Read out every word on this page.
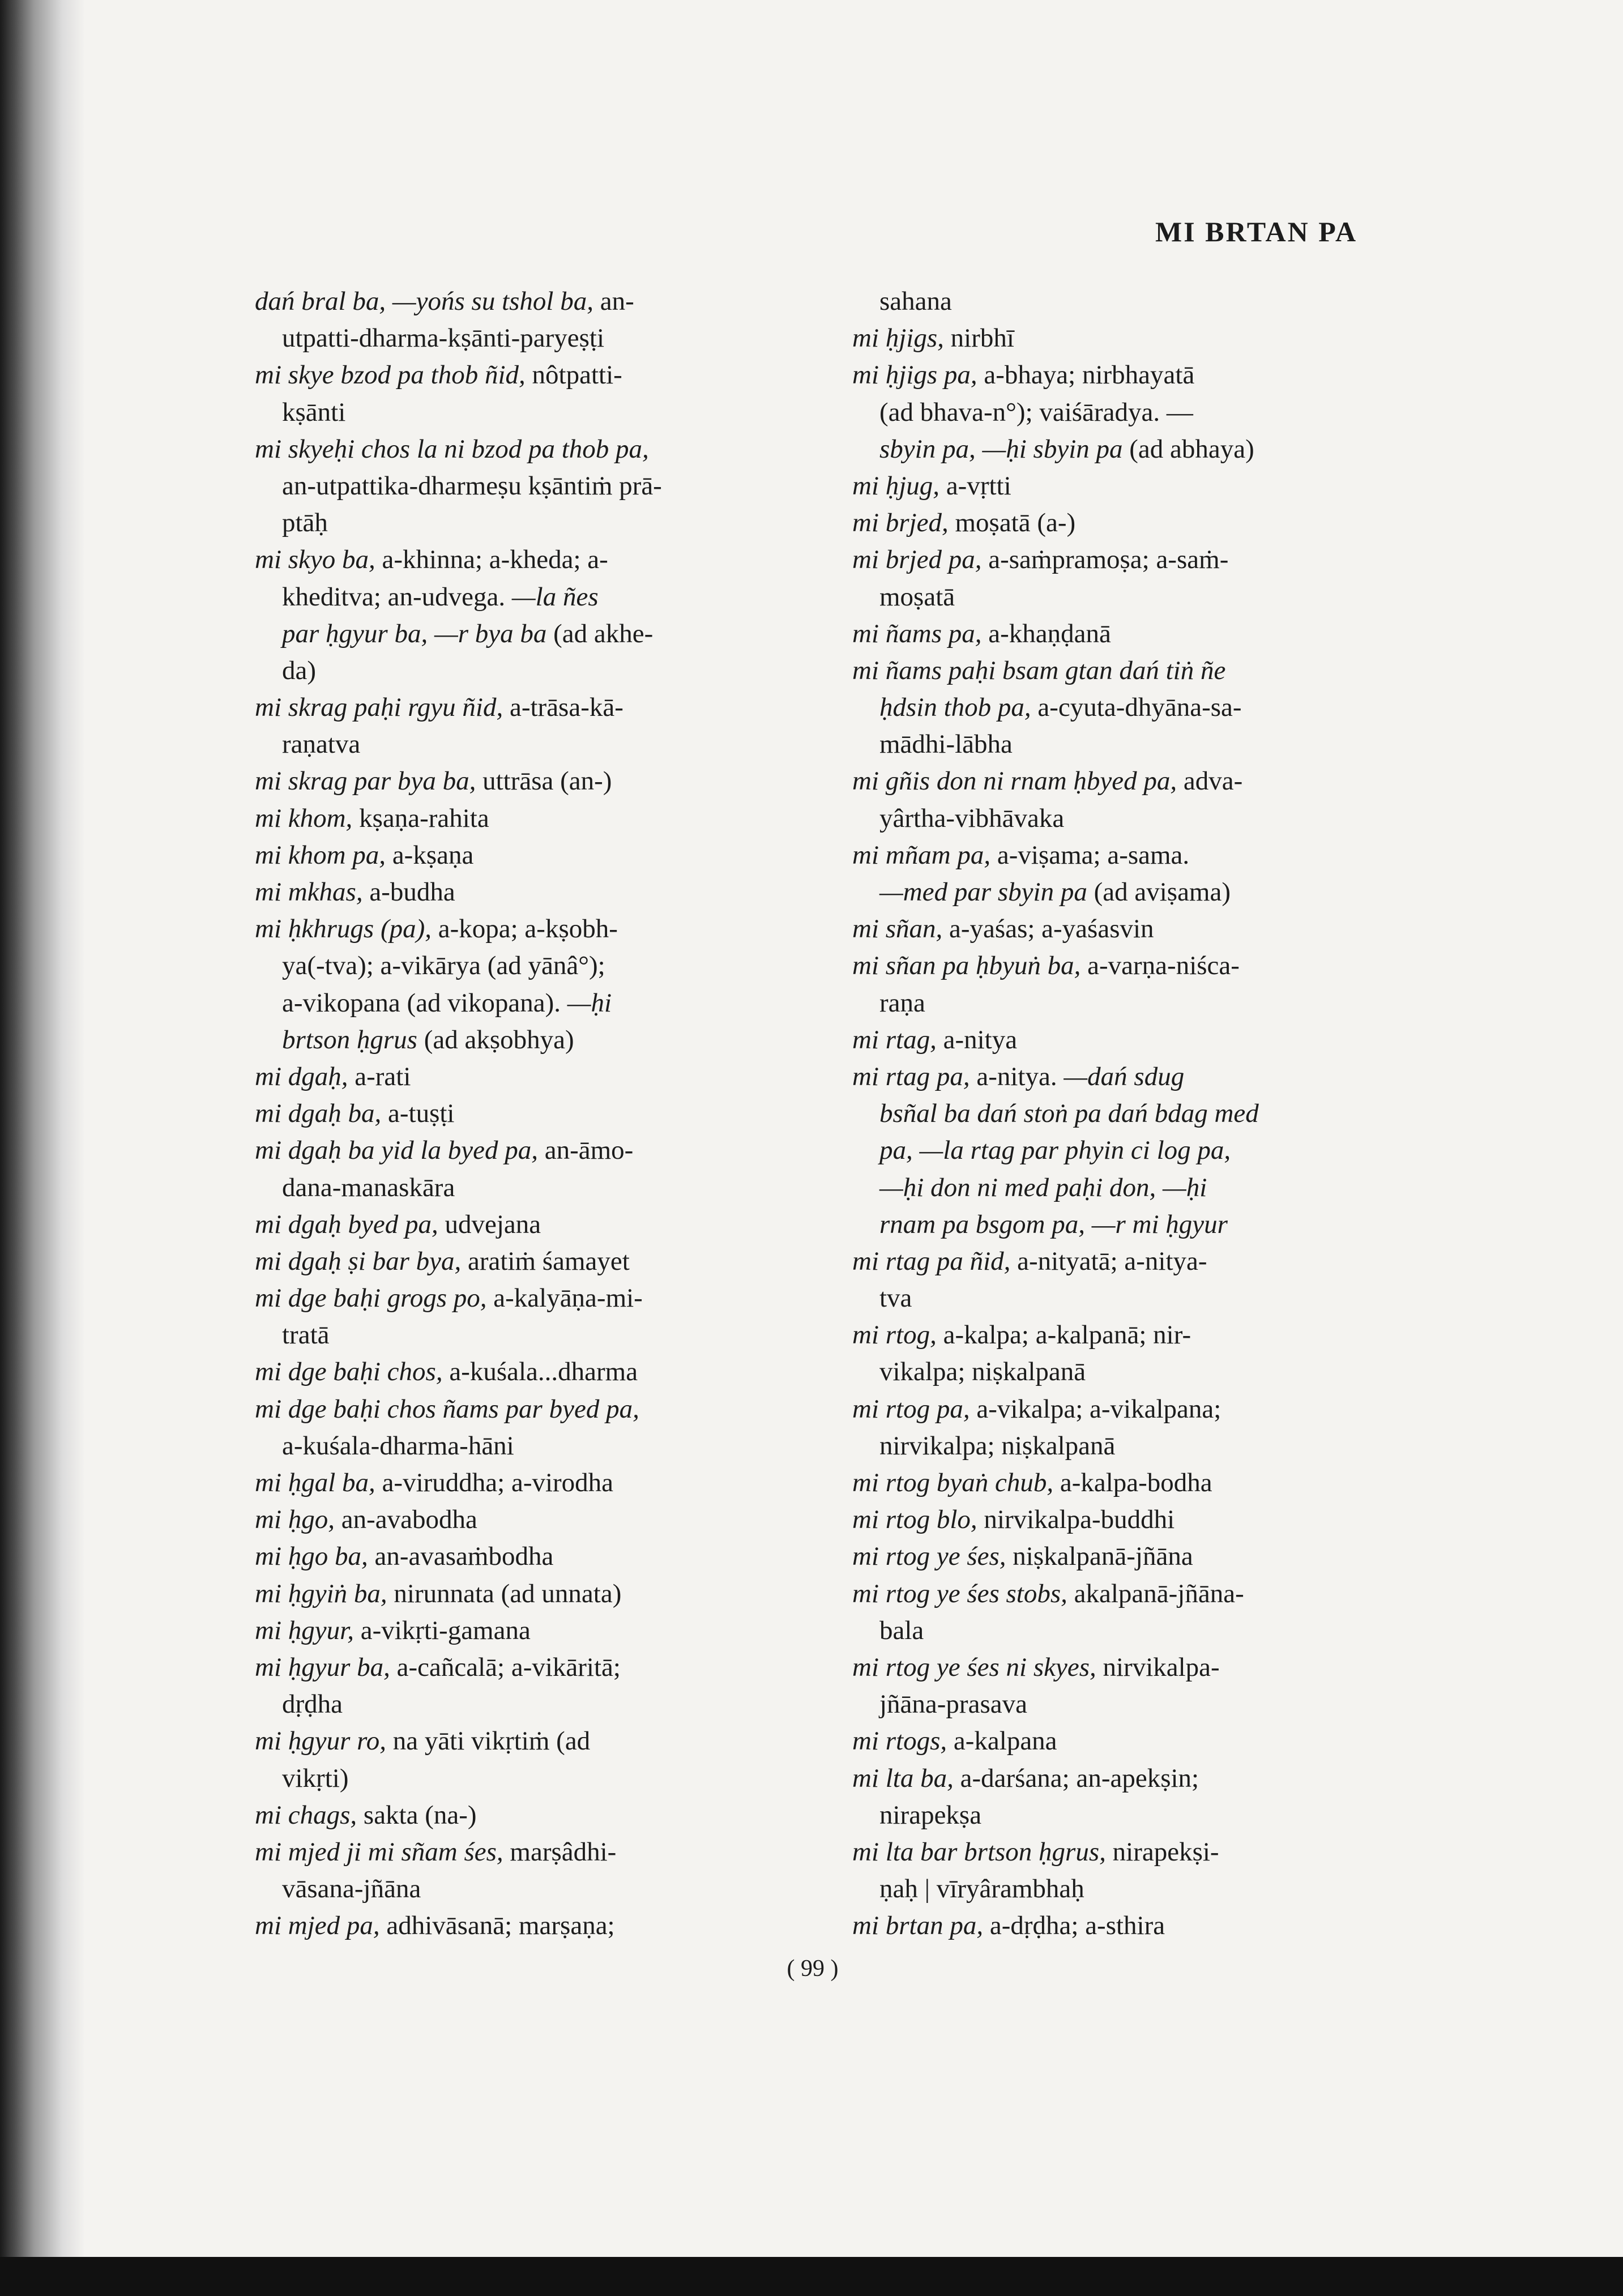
MI BRTAN PA
dań bral ba, —yońs su tshol ba, an-
utpatti-dharma-kṣānti-paryeṣṭi
mi skye bzod pa thob ñid, nôtpatti-
kṣānti
mi skyeḥi chos la ni bzod pa thob pa,
an-utpattika-dharmeṣu kṣāntiṁ prā-
ptāḥ
mi skyo ba, a-khinna; a-kheda; a-
kheditva; an-udvega. —la ñes
par ḥgyur ba, —r bya ba (ad akhe-
da)
mi skrag paḥi rgyu ñid, a-trāsa-kā-
raṇatva
mi skrag par bya ba, uttrāsa (an-)
mi khom, kṣaṇa-rahita
mi khom pa, a-kṣaṇa
mi mkhas, a-budha
mi ḥkhrugs (pa), a-kopa; a-kṣobh-
ya(-tva); a-vikārya (ad yānâ°);
a-vikopana (ad vikopana). —ḥi
brtson ḥgrus (ad akṣobhya)
mi dgaḥ, a-rati
mi dgaḥ ba, a-tuṣṭi
mi dgaḥ ba yid la byed pa, an-āmo-
dana-manaskāra
mi dgaḥ byed pa, udvejana
mi dgaḥ ṣi bar bya, aratiṁ śamayet
mi dge baḥi grogs po, a-kalyāṇa-mi-
tratā
mi dge baḥi chos, a-kuśala...dharma
mi dge baḥi chos ñams par byed pa,
a-kuśala-dharma-hāni
mi ḥgal ba, a-viruddha; a-virodha
mi ḥgo, an-avabodha
mi ḥgo ba, an-avasaṁbodha
mi ḥgyiṅ ba, nirunnata (ad unnata)
mi ḥgyur, a-vikṛti-gamana
mi ḥgyur ba, a-cañcalā; a-vikāritā;
dṛḍha
mi ḥgyur ro, na yāti vikṛtiṁ (ad
vikṛti)
mi chags, sakta (na-)
mi mjed ji mi sñam śes, marṣâdhi-
vāsana-jñāna
mi mjed pa, adhivāsanā; marṣaṇa;
sahana
mi ḥjigs, nirbhī
mi ḥjigs pa, a-bhaya; nirbhayatā
(ad bhava-n°); vaiśāradya. —
sbyin pa, —ḥi sbyin pa (ad abhaya)
mi ḥjug, a-vṛtti
mi brjed, moṣatā (a-)
mi brjed pa, a-saṁpramoṣa; a-saṁ-
moṣatā
mi ñams pa, a-khaṇḍanā
mi ñams paḥi bsam gtan dań tiṅ ñe
ḥdsin thob pa, a-cyuta-dhyāna-sa-
mādhi-lābha
mi gñis don ni rnam ḥbyed pa, adva-
yârtha-vibhāvaka
mi mñam pa, a-viṣama; a-sama.
—med par sbyin pa (ad aviṣama)
mi sñan, a-yaśas; a-yaśasvin
mi sñan pa ḥbyuṅ ba, a-varṇa-niśca-
raṇa
mi rtag, a-nitya
mi rtag pa, a-nitya. —dań sdug
bsñal ba dań stoṅ pa dań bdag med
pa, —la rtag par phyin ci log pa,
—ḥi don ni med paḥi don, —ḥi
rnam pa bsgom pa, —r mi ḥgyur
mi rtag pa ñid, a-nityatā; a-nitya-
tva
mi rtog, a-kalpa; a-kalpanā; nir-
vikalpa; niṣkalpanā
mi rtog pa, a-vikalpa; a-vikalpana;
nirvikalpa; niṣkalpanā
mi rtog byaṅ chub, a-kalpa-bodha
mi rtog blo, nirvikalpa-buddhi
mi rtog ye śes, niṣkalpanā-jñāna
mi rtog ye śes stobs, akalpanā-jñāna-
bala
mi rtog ye śes ni skyes, nirvikalpa-
jñāna-prasava
mi rtogs, a-kalpana
mi lta ba, a-darśana; an-apekṣin;
nirapekṣa
mi lta bar brtson ḥgrus, nirapekṣi-
ṇaḥ | vīryârambhaḥ
mi brtan pa, a-dṛḍha; a-sthira
( 99 )
